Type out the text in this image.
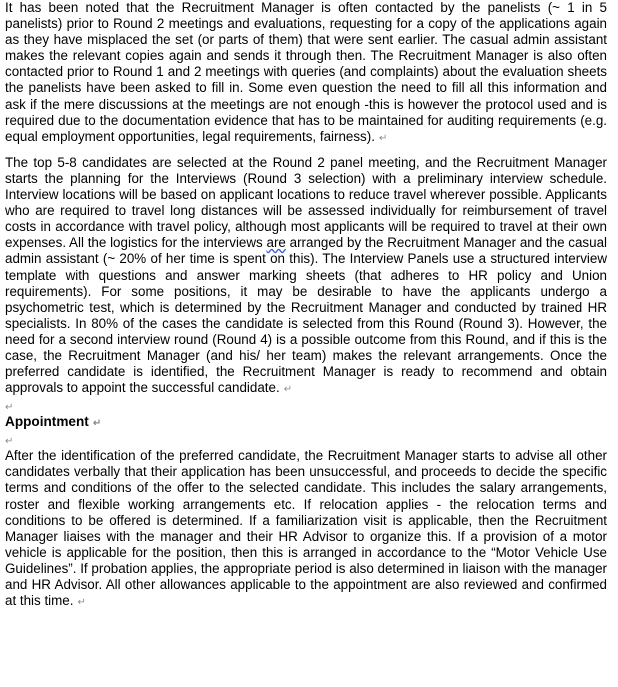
It has been noted that the Recruitment Manager is often contacted by the panelists (~ 1 in 5 panelists) prior to Round 2 meetings and evaluations, requesting for a copy of the applications again as they have misplaced the set (or parts of them) that were sent earlier. The casual admin assistant makes the relevant copies again and sends it through then. The Recruitment Manager is also often contacted prior to Round 1 and 2 meetings with queries (and complaints) about the evaluation sheets the panelists have been asked to fill in. Some even question the need to fill all this information and ask if the mere discussions at the meetings are not enough -this is however the protocol used and is required due to the documentation evidence that has to be maintained for auditing requirements (e.g. equal employment opportunities, legal requirements, fairness). ↵

The top 5-8 candidates are selected at the Round 2 panel meeting, and the Recruitment Manager starts the planning for the Interviews (Round 3 selection) with a preliminary interview schedule. Interview locations will be based on applicant locations to reduce travel wherever possible. Applicants who are required to travel long distances will be assessed individually for reimbursement of travel costs in accordance with travel policy, although most applicants will be required to travel at their own expenses. All the logistics for the interviews are arranged by the Recruitment Manager and the casual admin assistant (~ 20% of her time is spent on this). The Interview Panels use a structured interview template with questions and answer marking sheets (that adheres to HR policy and Union requirements). For some positions, it may be desirable to have the applicants undergo a psychometric test, which is determined by the Recruitment Manager and conducted by trained HR specialists. In 80% of the cases the candidate is selected from this Round (Round 3). However, the need for a second interview round (Round 4) is a possible outcome from this Round, and if this is the case, the Recruitment Manager (and his/ her team) makes the relevant arrangements. Once the preferred candidate is identified, the Recruitment Manager is ready to recommend and obtain approvals to appoint the successful candidate. ↵

↵

Appointment ↵

↵

After the identification of the preferred candidate, the Recruitment Manager starts to advise all other candidates verbally that their application has been unsuccessful, and proceeds to decide the specific terms and conditions of the offer to the selected candidate. This includes the salary arrangements, roster and flexible working arrangements etc. If relocation applies - the relocation terms and conditions to be offered is determined. If a familiarization visit is applicable, then the Recruitment Manager liaises with the manager and their HR Advisor to organize this. If a provision of a motor vehicle is applicable for the position, then this is arranged in accordance to the “Motor Vehicle Use Guidelines”. If probation applies, the appropriate period is also determined in liaison with the manager and HR Advisor. All other allowances applicable to the appointment are also reviewed and confirmed at this time. ↵
